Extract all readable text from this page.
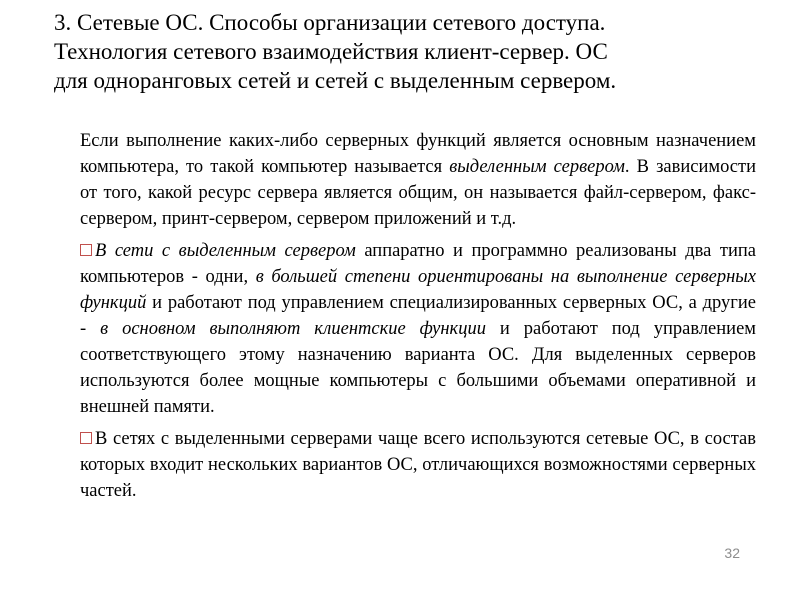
3. Сетевые ОС. Способы организации сетевого доступа.
Технология сетевого взаимодействия клиент-сервер. ОС
для одноранговых сетей и сетей с выделенным сервером.

Если выполнение каких-либо серверных функций является основным назначением компьютера, то такой компьютер называется выделенным сервером. В зависимости от того, какой ресурс сервера является общим, он называется файл-сервером, факс-сервером, принт-сервером, сервером приложений и т.д.

В сети с выделенным сервером аппаратно и программно реализованы два типа компьютеров - одни, в большей степени ориентированы на выполнение серверных функций и работают под управлением специализированных серверных ОС, а другие - в основном выполняют клиентские функции и работают под управлением соответствующего этому назначению варианта ОС. Для выделенных серверов используются более мощные компьютеры с большими объемами оперативной и внешней памяти.

В сетях с выделенными серверами чаще всего используются сетевые ОС, в состав которых входит нескольких вариантов ОС, отличающихся возможностями серверных частей.

32
